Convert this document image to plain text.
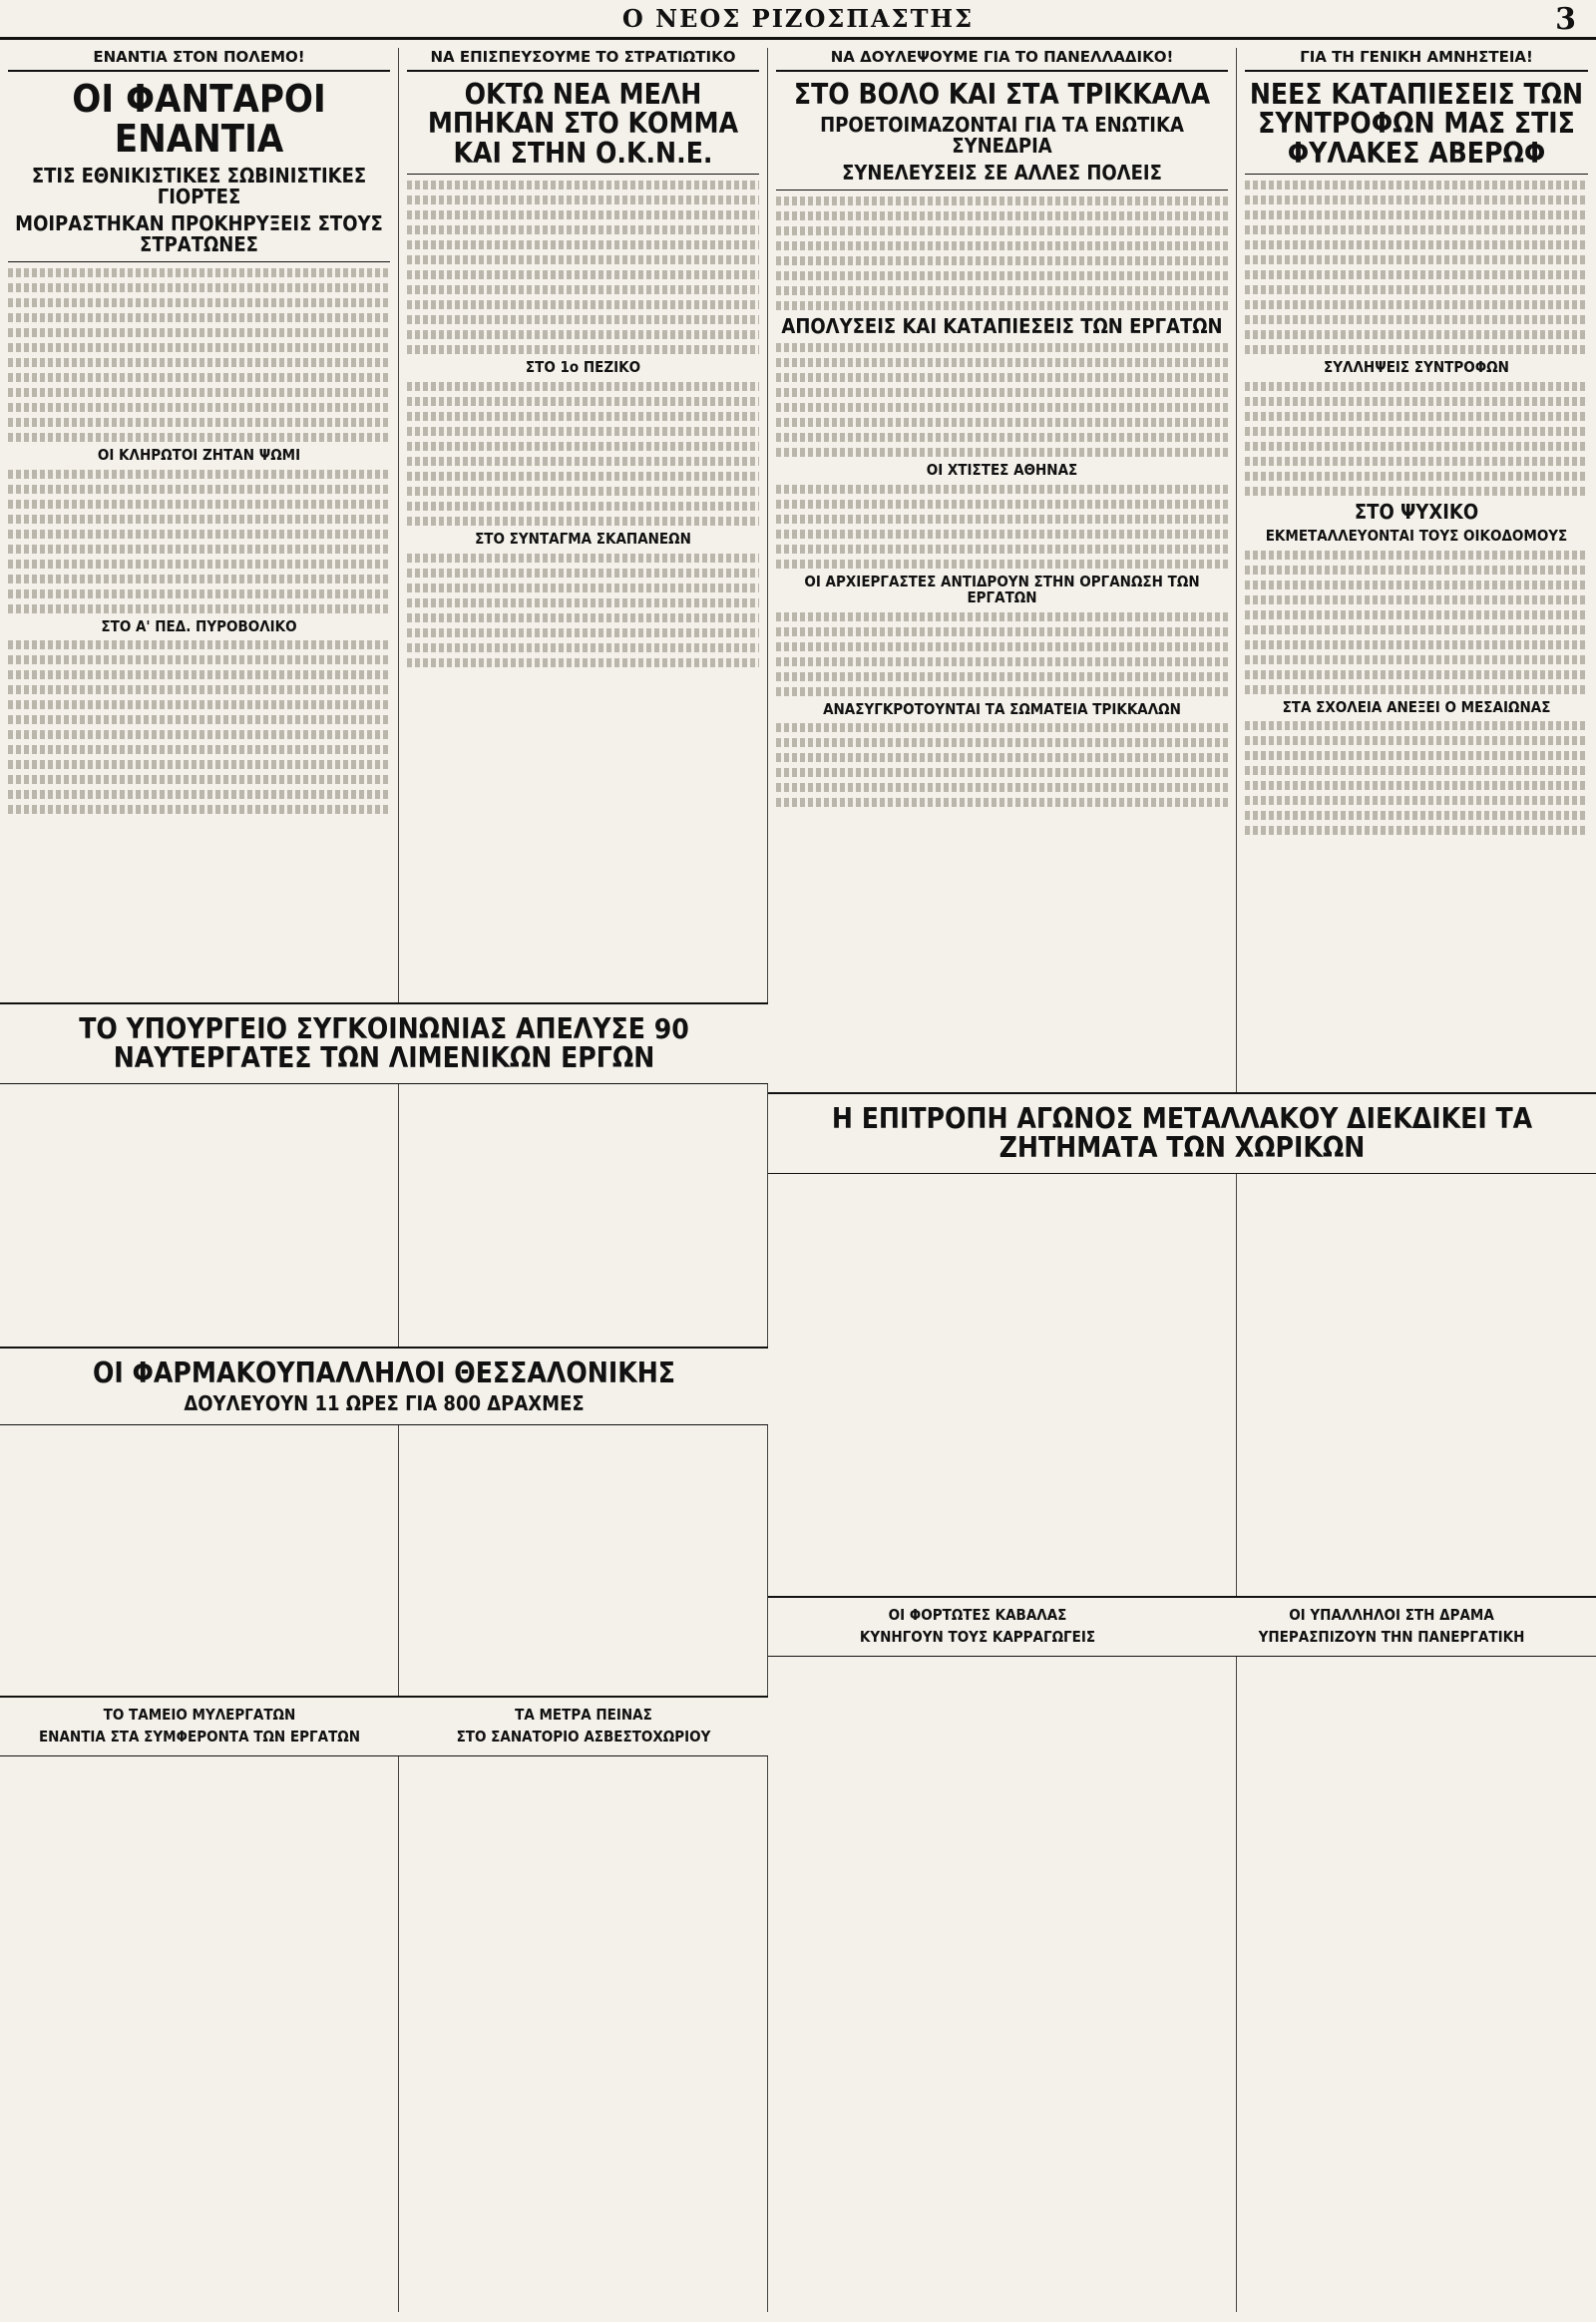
Ο ΝΕΟΣ ΡΙΖΟΣΠΑΣΤΗΣ	3
ΕΝΑΝΤΙΑ ΣΤΟΝ ΠΟΛΕΜΟ!
ΟΙ ΦΑΝΤΑΡΟΙ ΕΝΑΝΤΙΑ
ΣΤΙΣ ΕΘΝΙΚΙΣΤΙΚΕΣ ΣΩΒΙΝΙΣΤΙΚΕΣ ΓΙΟΡΤΕΣ
ΜΟΙΡΑΣΤΗΚΑΝ ΠΡΟΚΗΡΥΞΕΙΣ ΣΤΟΥΣ ΣΤΡΑΤΩΝΕΣ
ΟΙ ΚΛΗΡΩΤΟΙ ΖΗΤΑΝ ΨΩΜΙ
ΣΤΟ Α' ΠΕΔ. ΠΥΡΟΒΟΛΙΚΟ
ΝΑ ΕΠΙΣΠΕΥΣΟΥΜΕ ΤΟ ΣΤΡΑΤΙΩΤΙΚΟ
ΟΚΤΩ ΝΕΑ ΜΕΛΗ ΜΠΗΚΑΝ ΣΤΟ ΚΟΜΜΑ ΚΑΙ ΣΤΗΝ Ο.Κ.Ν.Ε.
ΣΤΟ 1ο ΠΕΖΙΚΟ
ΣΤΟ ΣΥΝΤΑΓΜΑ ΣΚΑΠΑΝΕΩΝ
ΝΑ ΔΟΥΛΕΨΟΥΜΕ ΓΙΑ ΤΟ ΠΑΝΕΛΛΑΔΙΚΟ!
ΣΤΟ ΒΟΛΟ ΚΑΙ ΣΤΑ ΤΡΙΚΚΑΛΑ
ΠΡΟΕΤΟΙΜΑΖΟΝΤΑΙ ΓΙΑ ΤΑ ΕΝΩΤΙΚΑ ΣΥΝΕΔΡΙΑ
ΣΥΝΕΛΕΥΣΕΙΣ ΣΕ ΑΛΛΕΣ ΠΟΛΕΙΣ
ΑΠΟΛΥΣΕΙΣ ΚΑΙ ΚΑΤΑΠΙΕΣΕΙΣ ΤΩΝ ΕΡΓΑΤΩΝ
ΟΙ ΧΤΙΣΤΕΣ ΑΘΗΝΑΣ
ΟΙ ΑΡΧΙΕΡΓΑΣΤΕΣ ΑΝΤΙΔΡΟΥΝ ΣΤΗΝ ΟΡΓΑΝΩΣΗ ΤΩΝ ΕΡΓΑΤΩΝ
ΑΝΑΣΥΓΚΡΟΤΟΥΝΤΑΙ ΤΑ ΣΩΜΑΤΕΙΑ ΤΡΙΚΚΑΛΩΝ
ΓΙΑ ΤΗ ΓΕΝΙΚΗ ΑΜΝΗΣΤΕΙΑ!
ΝΕΕΣ ΚΑΤΑΠΙΕΣΕΙΣ ΤΩΝ ΣΥΝΤΡΟΦΩΝ ΜΑΣ ΣΤΙΣ ΦΥΛΑΚΕΣ ΑΒΕΡΩΦ
ΣΥΛΛΗΨΕΙΣ ΣΥΝΤΡΟΦΩΝ
ΣΤΟ ΨΥΧΙΚΟ
ΕΚΜΕΤΑΛΛΕΥΟΝΤΑΙ ΤΟΥΣ ΟΙΚΟΔΟΜΟΥΣ
ΣΤΑ ΣΧΟΛΕΙΑ ΑΝΕΞΕΙ Ο ΜΕΣΑΙΩΝΑΣ
ΤΟ ΥΠΟΥΡΓΕΙΟ ΣΥΓΚΟΙΝΩΝΙΑΣ ΑΠΕΛΥΣΕ 90 ΝΑΥΤΕΡΓΑΤΕΣ ΤΩΝ ΛΙΜΕΝΙΚΩΝ ΕΡΓΩΝ
ΟΙ ΦΑΡΜΑΚΟΥΠΑΛΛΗΛΟΙ ΘΕΣΣΑΛΟΝΙΚΗΣ
ΔΟΥΛΕΥΟΥΝ 11 ΩΡΕΣ ΓΙΑ 800 ΔΡΑΧΜΕΣ
Η ΕΠΙΤΡΟΠΗ ΑΓΩΝΟΣ ΜΕΤΑΛΛΑΚΟΥ ΔΙΕΚΔΙΚΕΙ ΤΑ ΖΗΤΗΜΑΤΑ ΤΩΝ ΧΩΡΙΚΩΝ
ΤΟ ΤΑΜΕΙΟ ΜΥΛΕΡΓΑΤΩΝ
ΕΝΑΝΤΙΑ ΣΤΑ ΣΥΜΦΕΡΟΝΤΑ ΤΩΝ ΕΡΓΑΤΩΝ
ΤΑ ΜΕΤΡΑ ΠΕΙΝΑΣ
ΣΤΟ ΣΑΝΑΤΟΡΙΟ ΑΣΒΕΣΤΟΧΩΡΙΟΥ
ΟΙ ΦΟΡΤΩΤΕΣ ΚΑΒΑΛΑΣ
ΚΥΝΗΓΟΥΝ ΤΟΥΣ ΚΑΡΡΑΓΩΓΕΙΣ
ΟΙ ΥΠΑΛΛΗΛΟΙ ΣΤΗ ΔΡΑΜΑ
ΥΠΕΡΑΣΠΙΖΟΥΝ ΤΗΝ ΠΑΝΕΡΓΑΤΙΚΗ
